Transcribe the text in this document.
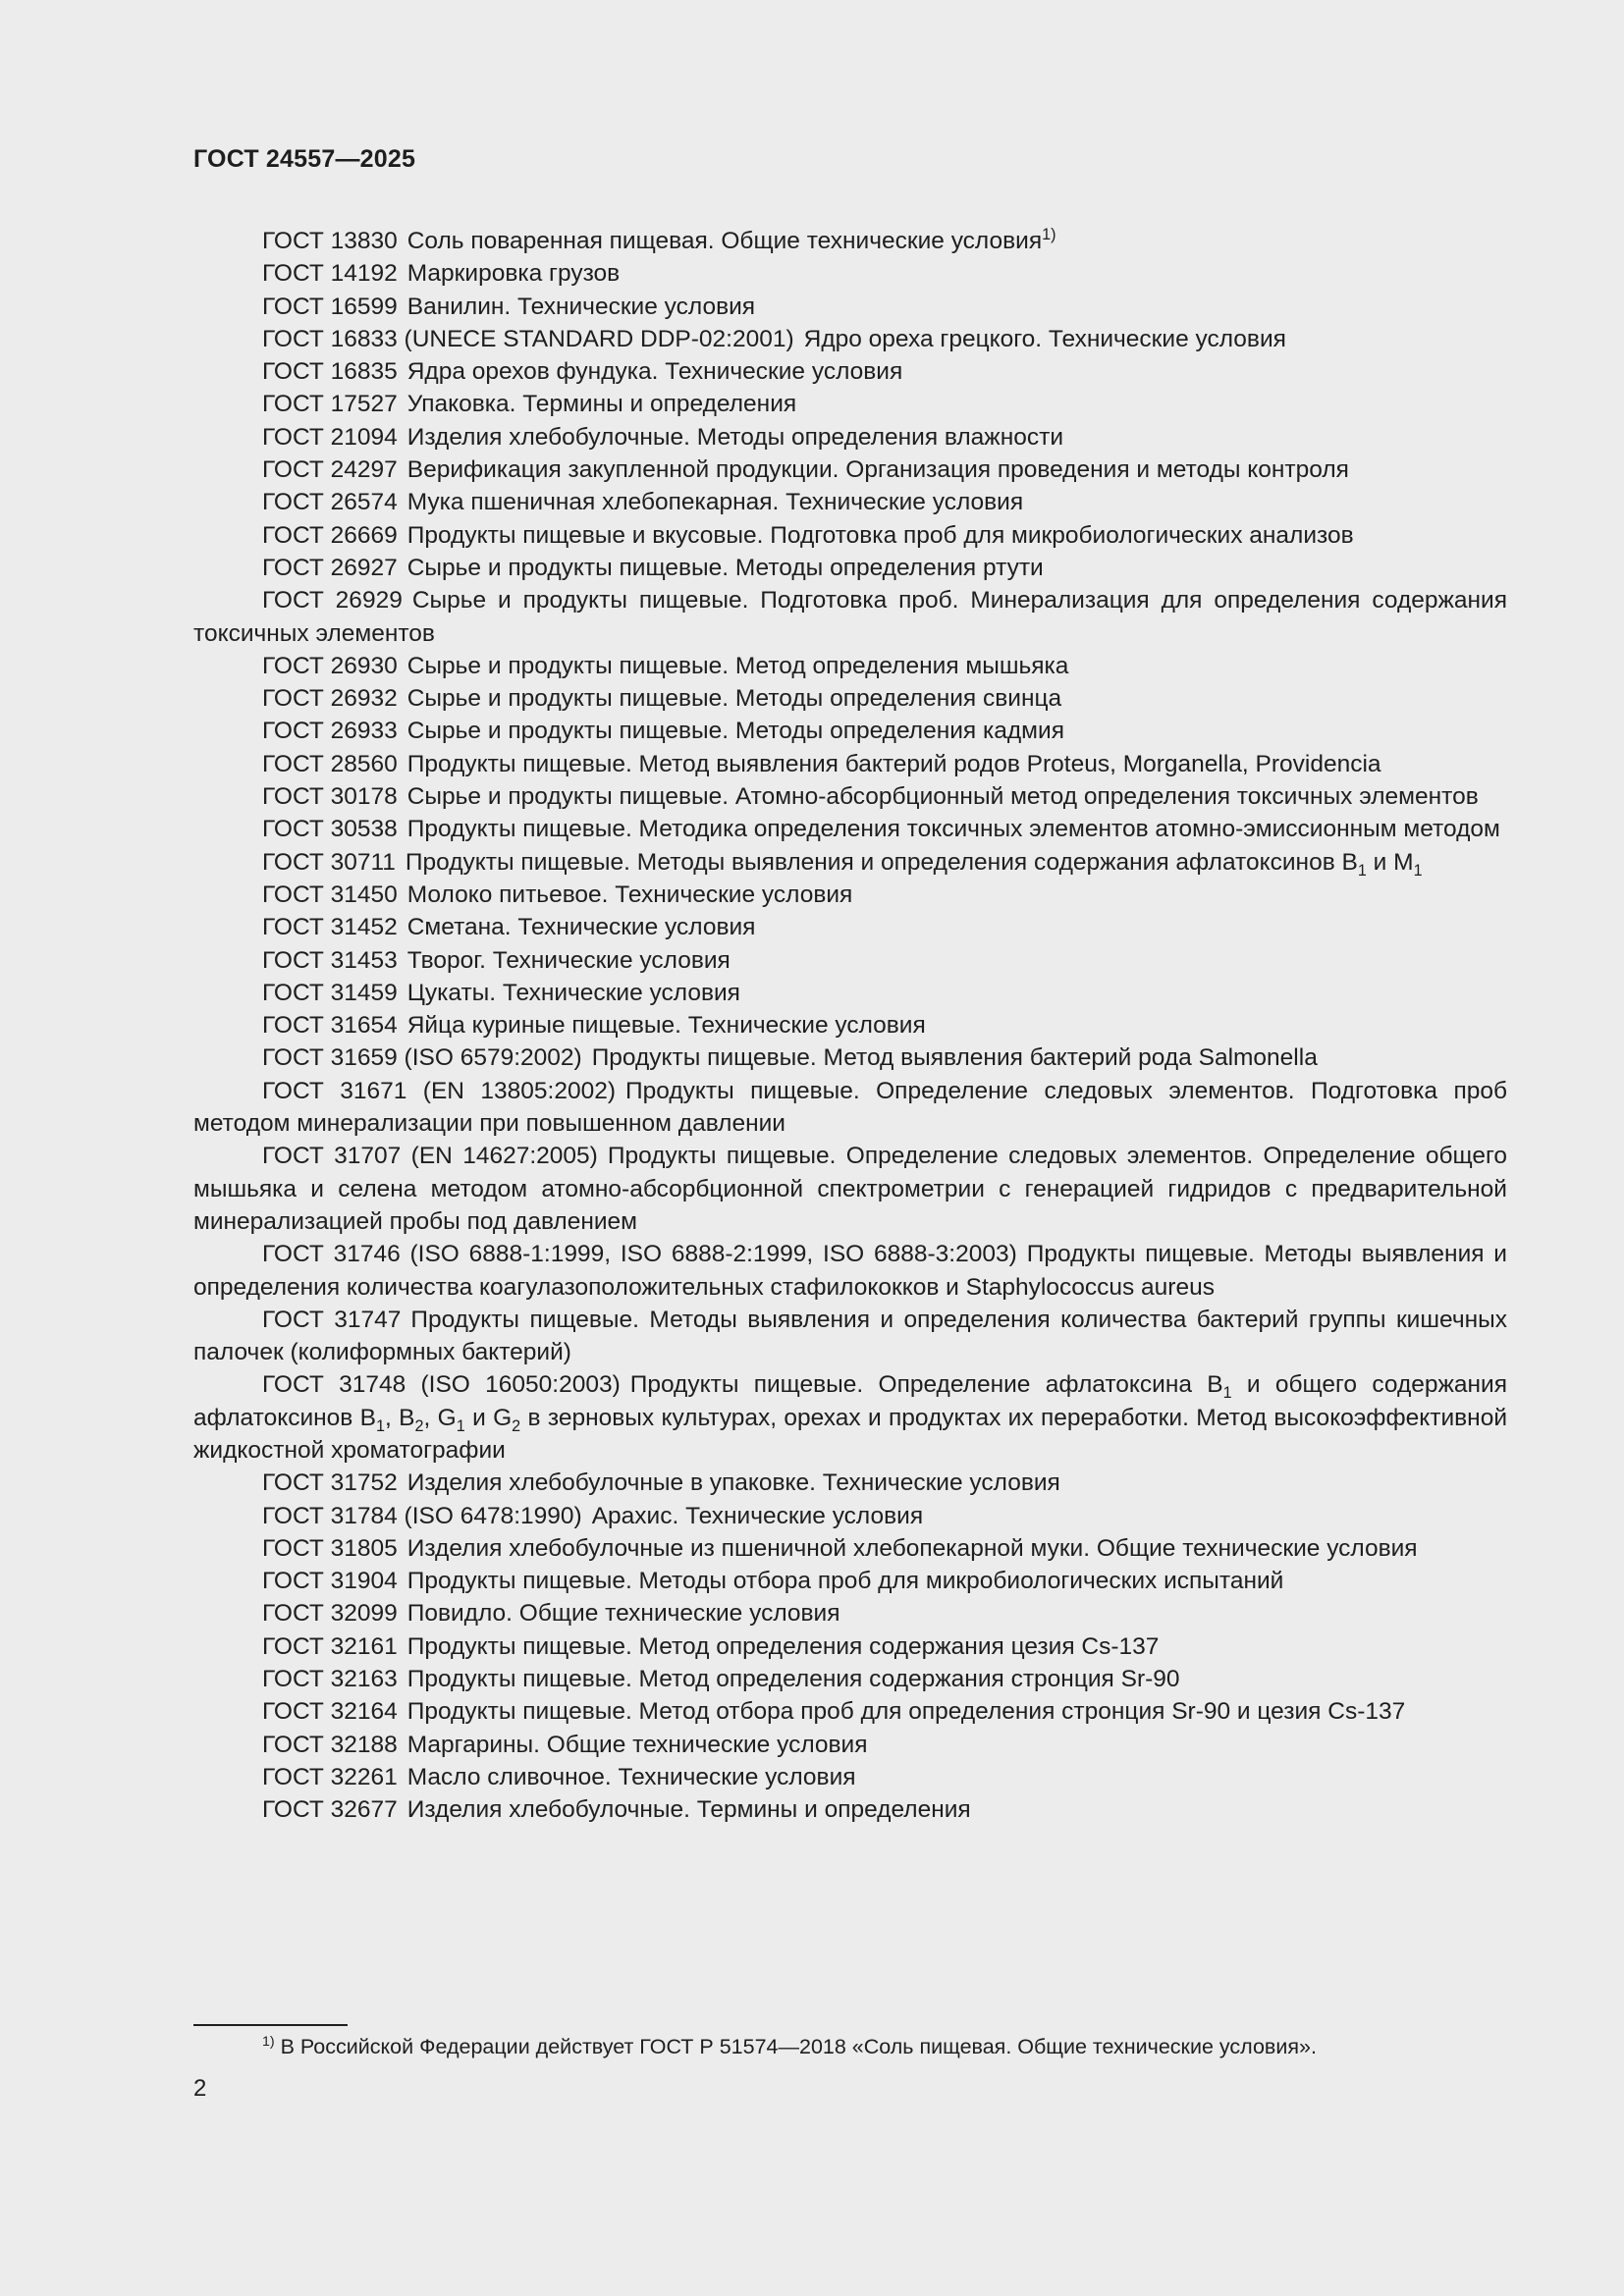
ГОСТ 24557—2025

ГОСТ 13830 Соль поваренная пищевая. Общие технические условия$^{1)}$

ГОСТ 14192 Маркировка грузов

ГОСТ 16599 Ванилин. Технические условия

ГОСТ 16833 (UNECE STANDARD DDP-02:2001) Ядро ореха грецкого. Технические условия

ГОСТ 16835 Ядра орехов фундука. Технические условия

ГОСТ 17527 Упаковка. Термины и определения

ГОСТ 21094 Изделия хлебобулочные. Методы определения влажности

ГОСТ 24297 Верификация закупленной продукции. Организация проведения и методы контроля

ГОСТ 26574 Мука пшеничная хлебопекарная. Технические условия

ГОСТ 26669 Продукты пищевые и вкусовые. Подготовка проб для микробиологических анализов

ГОСТ 26927 Сырье и продукты пищевые. Методы определения ртути

ГОСТ 26929 Сырье и продукты пищевые. Подготовка проб. Минерализация для определения содержания токсичных элементов

ГОСТ 26930 Сырье и продукты пищевые. Метод определения мышьяка

ГОСТ 26932 Сырье и продукты пищевые. Методы определения свинца

ГОСТ 26933 Сырье и продукты пищевые. Методы определения кадмия

ГОСТ 28560 Продукты пищевые. Метод выявления бактерий родов Proteus, Morganella, Providencia

ГОСТ 30178 Сырье и продукты пищевые. Атомно-абсорбционный метод определения токсичных элементов

ГОСТ 30538 Продукты пищевые. Методика определения токсичных элементов атомно-эмиссионным методом

ГОСТ 30711 Продукты пищевые. Методы выявления и определения содержания афлатоксинов $B_1$ и $M_1$

ГОСТ 31450 Молоко питьевое. Технические условия

ГОСТ 31452 Сметана. Технические условия

ГОСТ 31453 Творог. Технические условия

ГОСТ 31459 Цукаты. Технические условия

ГОСТ 31654 Яйца куриные пищевые. Технические условия

ГОСТ 31659 (ISO 6579:2002) Продукты пищевые. Метод выявления бактерий рода Salmonella

ГОСТ 31671 (EN 13805:2002) Продукты пищевые. Определение следовых элементов. Подготовка проб методом минерализации при повышенном давлении

ГОСТ 31707 (EN 14627:2005) Продукты пищевые. Определение следовых элементов. Определение общего мышьяка и селена методом атомно-абсорбционной спектрометрии с генерацией гидридов с предварительной минерализацией пробы под давлением

ГОСТ 31746 (ISO 6888-1:1999, ISO 6888-2:1999, ISO 6888-3:2003) Продукты пищевые. Методы выявления и определения количества коагулазоположительных стафилококков и Staphylococcus aureus

ГОСТ 31747 Продукты пищевые. Методы выявления и определения количества бактерий группы кишечных палочек (колиформных бактерий)

ГОСТ 31748 (ISO 16050:2003) Продукты пищевые. Определение афлатоксина $B_1$ и общего содержания афлатоксинов $B_1$, $B_2$, $G_1$ и $G_2$ в зерновых культурах, орехах и продуктах их переработки. Метод высокоэффективной жидкостной хроматографии

ГОСТ 31752 Изделия хлебобулочные в упаковке. Технические условия

ГОСТ 31784 (ISO 6478:1990) Арахис. Технические условия

ГОСТ 31805 Изделия хлебобулочные из пшеничной хлебопекарной муки. Общие технические условия

ГОСТ 31904 Продукты пищевые. Методы отбора проб для микробиологических испытаний

ГОСТ 32099 Повидло. Общие технические условия

ГОСТ 32161 Продукты пищевые. Метод определения содержания цезия Cs-137

ГОСТ 32163 Продукты пищевые. Метод определения содержания стронция Sr-90

ГОСТ 32164 Продукты пищевые. Метод отбора проб для определения стронция Sr-90 и цезия Cs-137

ГОСТ 32188 Маргарины. Общие технические условия

ГОСТ 32261 Масло сливочное. Технические условия

ГОСТ 32677 Изделия хлебобулочные. Термины и определения

$^{1)}$ В Российской Федерации действует ГОСТ Р 51574—2018 «Соль пищевая. Общие технические условия».
2
